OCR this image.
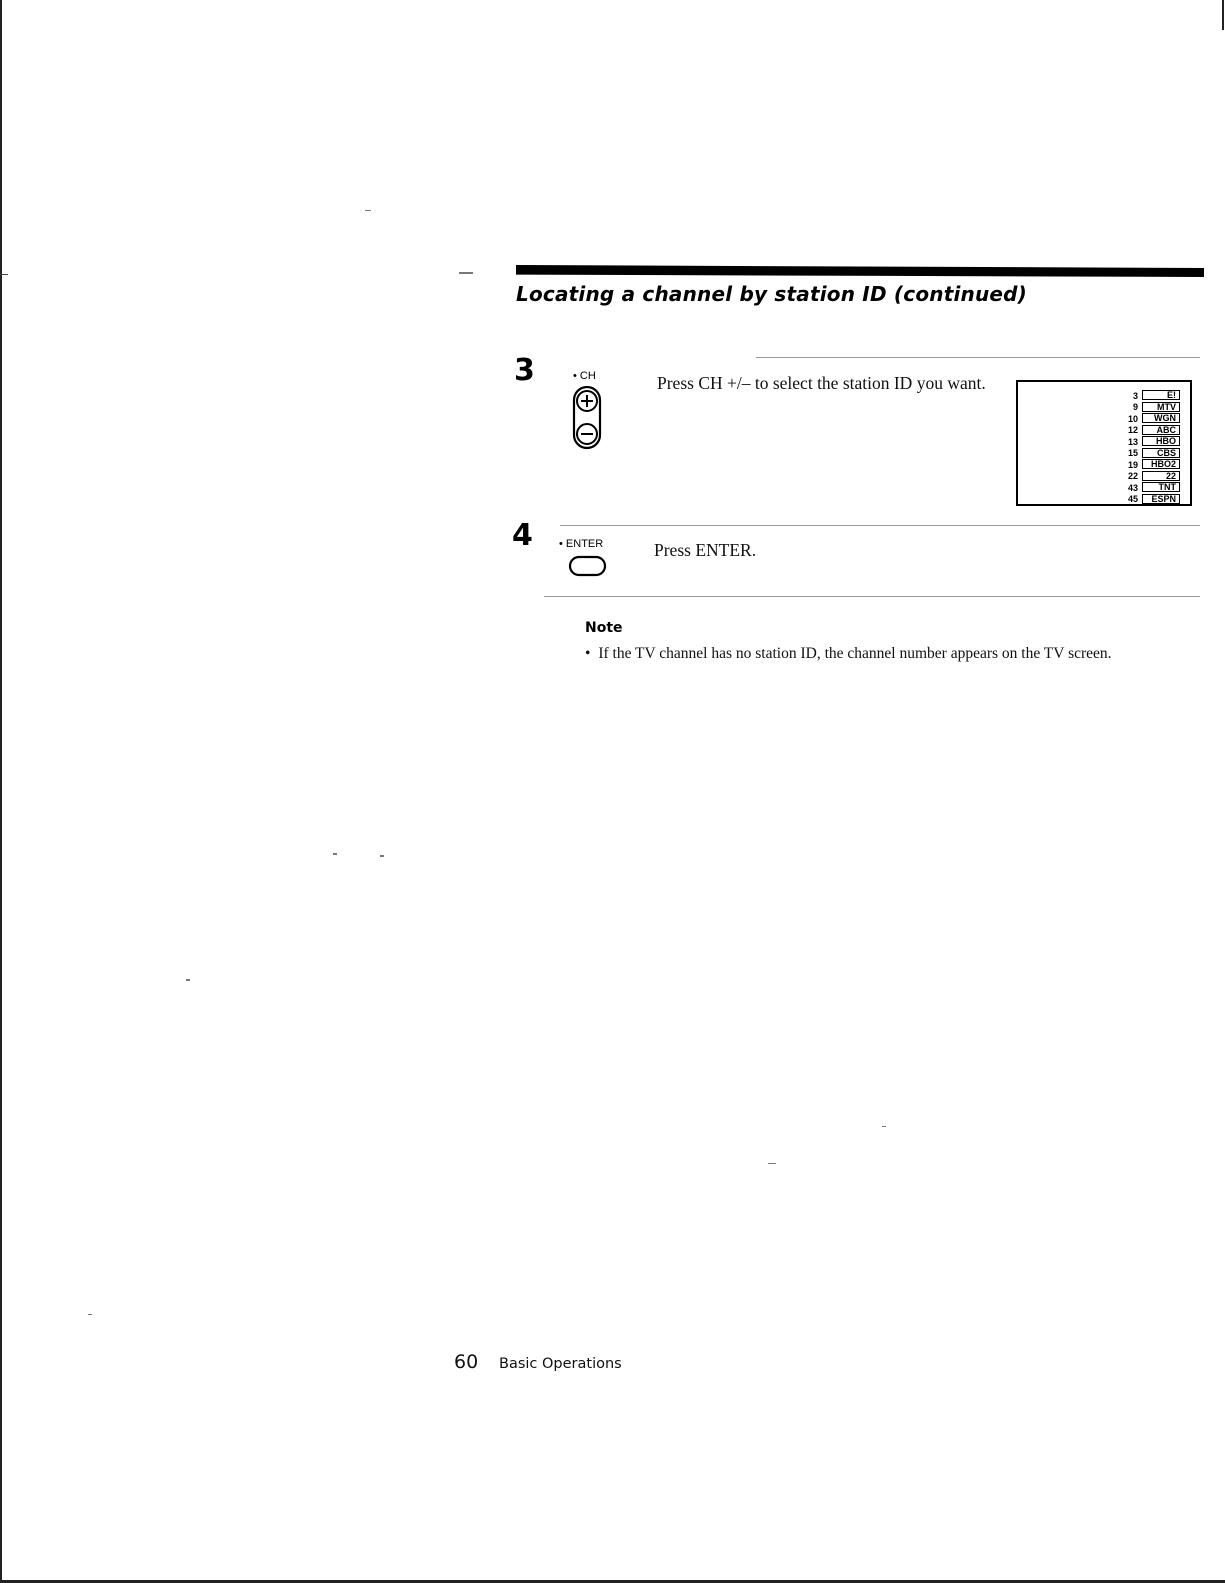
Locating a channel by station ID (continued)
3	• CH	Press CH +/– to select the station ID you want.
3	E!
9	MTV
10	WGN
12	ABC
13	HBO
15	CBS
19	HBO2
22	22
43	TNT
45	ESPN
4 • ENTER	Press ENTER.
Note
• If the TV channel has no station ID, the channel number appears on the TV screen.
60 Basic Operations
